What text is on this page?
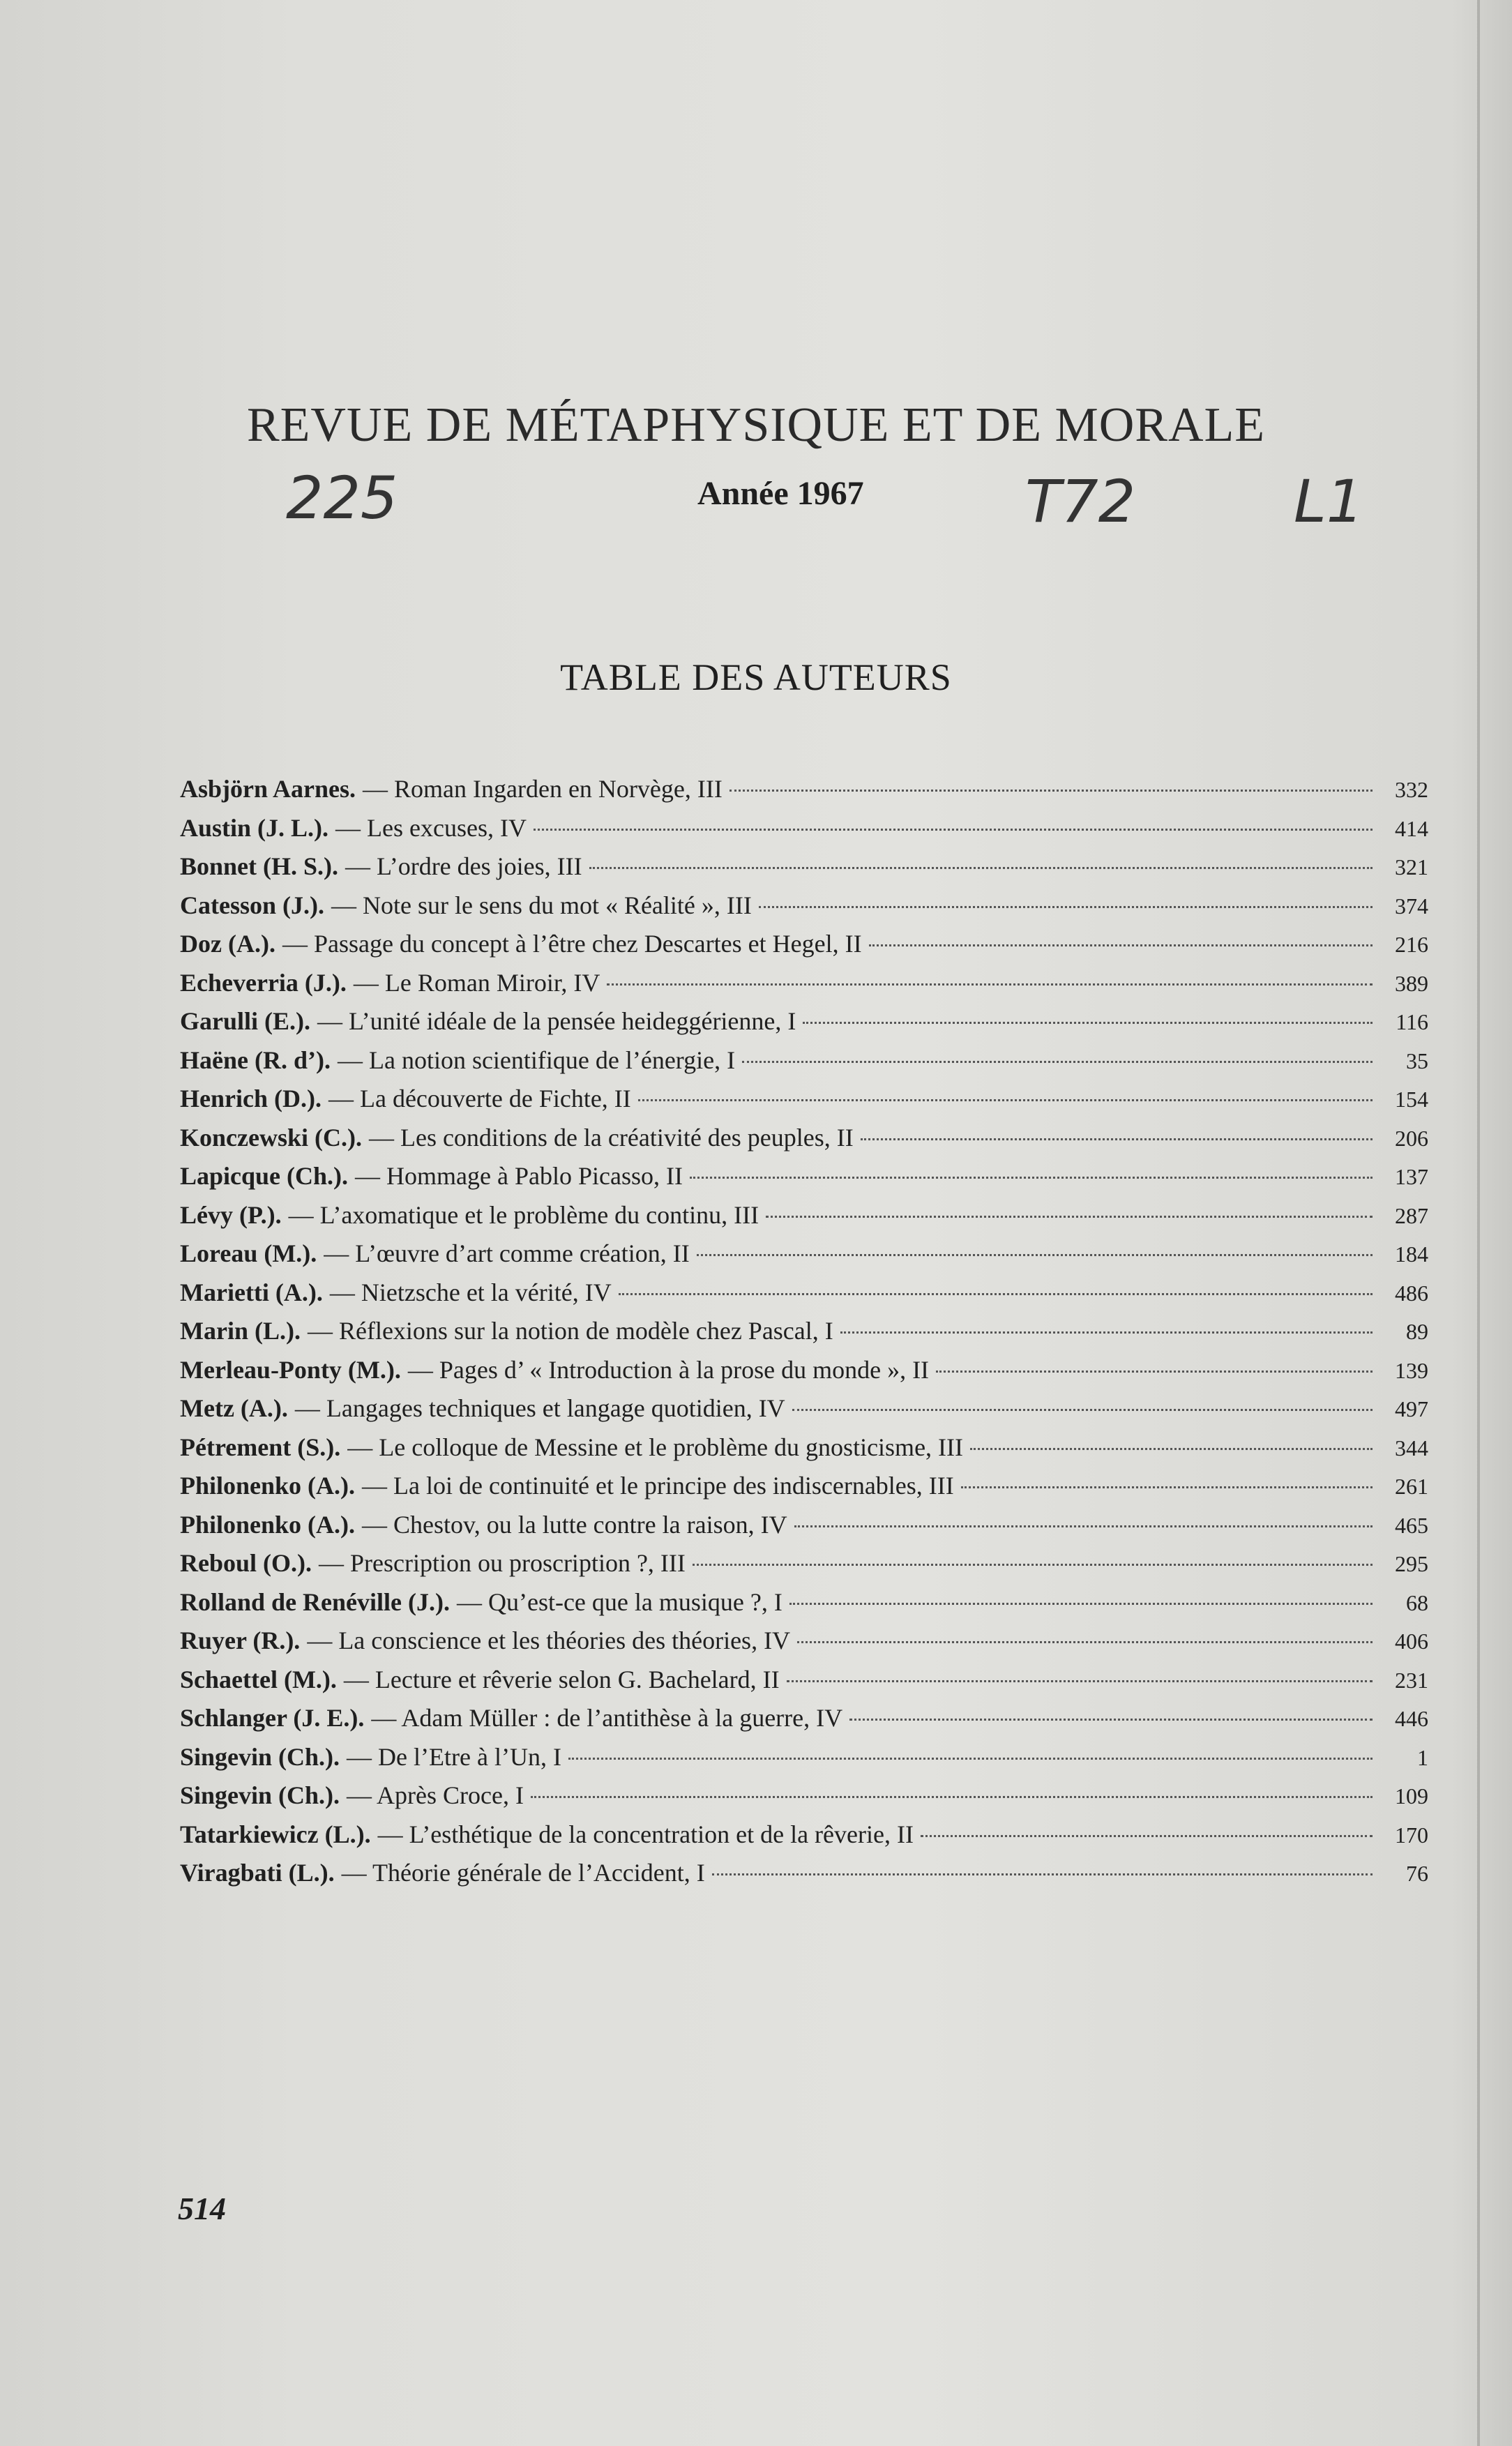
REVUE DE MÉTAPHYSIQUE ET DE MORALE
225	Année 1967	T72	L1
TABLE DES AUTEURS
Asbjörn Aarnes. — Roman Ingarden en Norvège, III	332
Austin (J. L.). — Les excuses, IV	414
Bonnet (H. S.). — L’ordre des joies, III	321
Catesson (J.). — Note sur le sens du mot « Réalité », III	374
Doz (A.). — Passage du concept à l’être chez Descartes et Hegel, II	216
Echeverria (J.). — Le Roman Miroir, IV	389
Garulli (E.). — L’unité idéale de la pensée heideggérienne, I	116
Haëne (R. d’). — La notion scientifique de l’énergie, I	35
Henrich (D.). — La découverte de Fichte, II	154
Konczewski (C.). — Les conditions de la créativité des peuples, II	206
Lapicque (Ch.). — Hommage à Pablo Picasso, II	137
Lévy (P.). — L’axomatique et le problème du continu, III	287
Loreau (M.). — L’œuvre d’art comme création, II	184
Marietti (A.). — Nietzsche et la vérité, IV	486
Marin (L.). — Réflexions sur la notion de modèle chez Pascal, I	89
Merleau-Ponty (M.). — Pages d’ « Introduction à la prose du monde », II	139
Metz (A.). — Langages techniques et langage quotidien, IV	497
Pétrement (S.). — Le colloque de Messine et le problème du gnosticisme, III	344
Philonenko (A.). — La loi de continuité et le principe des indiscernables, III	261
Philonenko (A.). — Chestov, ou la lutte contre la raison, IV	465
Reboul (O.). — Prescription ou proscription ?, III	295
Rolland de Renéville (J.). — Qu’est-ce que la musique ?, I	68
Ruyer (R.). — La conscience et les théories des théories, IV	406
Schaettel (M.). — Lecture et rêverie selon G. Bachelard, II	231
Schlanger (J. E.). — Adam Müller : de l’antithèse à la guerre, IV	446
Singevin (Ch.). — De l’Etre à l’Un, I	1
Singevin (Ch.). — Après Croce, I	109
Tatarkiewicz (L.). — L’esthétique de la concentration et de la rêverie, II	170
Viragbati (L.). — Théorie générale de l’Accident, I	76
514
